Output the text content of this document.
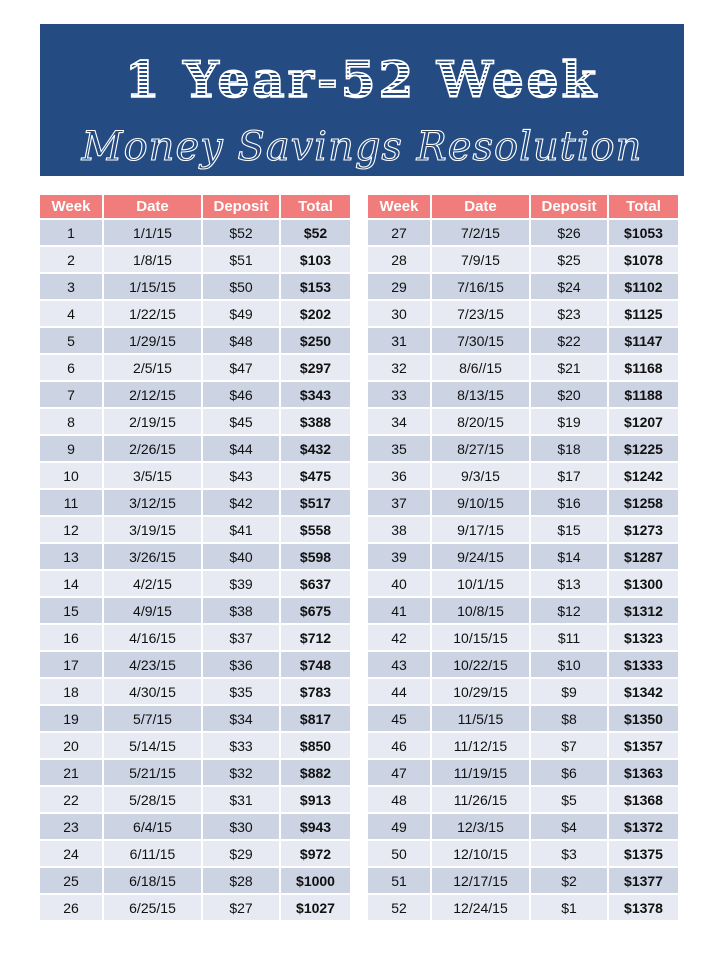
1 Year-52 Week
Money Savings Resolution
Week	Date	Deposit	Total
1	1/1/15	$52	$52
2	1/8/15	$51	$103
3	1/15/15	$50	$153
4	1/22/15	$49	$202
5	1/29/15	$48	$250
6	2/5/15	$47	$297
7	2/12/15	$46	$343
8	2/19/15	$45	$388
9	2/26/15	$44	$432
10	3/5/15	$43	$475
11	3/12/15	$42	$517
12	3/19/15	$41	$558
13	3/26/15	$40	$598
14	4/2/15	$39	$637
15	4/9/15	$38	$675
16	4/16/15	$37	$712
17	4/23/15	$36	$748
18	4/30/15	$35	$783
19	5/7/15	$34	$817
20	5/14/15	$33	$850
21	5/21/15	$32	$882
22	5/28/15	$31	$913
23	6/4/15	$30	$943
24	6/11/15	$29	$972
25	6/18/15	$28	$1000
26	6/25/15	$27	$1027
Week	Date	Deposit	Total
27	7/2/15	$26	$1053
28	7/9/15	$25	$1078
29	7/16/15	$24	$1102
30	7/23/15	$23	$1125
31	7/30/15	$22	$1147
32	8/6//15	$21	$1168
33	8/13/15	$20	$1188
34	8/20/15	$19	$1207
35	8/27/15	$18	$1225
36	9/3/15	$17	$1242
37	9/10/15	$16	$1258
38	9/17/15	$15	$1273
39	9/24/15	$14	$1287
40	10/1/15	$13	$1300
41	10/8/15	$12	$1312
42	10/15/15	$11	$1323
43	10/22/15	$10	$1333
44	10/29/15	$9	$1342
45	11/5/15	$8	$1350
46	11/12/15	$7	$1357
47	11/19/15	$6	$1363
48	11/26/15	$5	$1368
49	12/3/15	$4	$1372
50	12/10/15	$3	$1375
51	12/17/15	$2	$1377
52	12/24/15	$1	$1378
